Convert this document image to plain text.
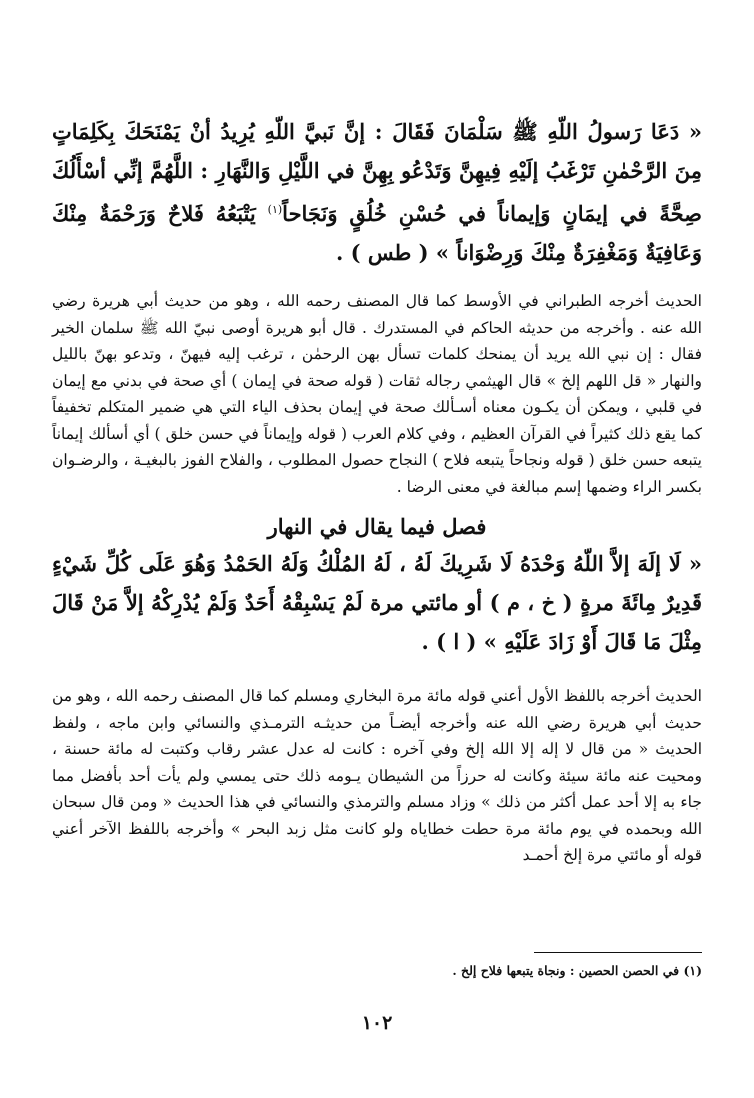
« دَعَا رَسولُ اللّهِ ﷺ سَلْمَانَ فَقَالَ : إنَّ نَبيَّ اللّهِ يُرِيدُ أنْ يَمْنَحَكَ بِكَلِمَاتٍ مِنَ الرَّحْمٰنِ تَرْغَبُ إلَيْهِ فِيهِنَّ وَتَدْعُو بِهِنَّ في اللَّيْلِ وَالنَّهَارِ : اللَّهُمَّ إنِّي أسْأَلُكَ صِحَّةً في إيمَانٍ وَإيماناً في حُسْنِ خُلُقٍ وَنَجَاحاً$^{(١)}$ يَتْبَعُهُ فَلاحٌ وَرَحْمَةٌ مِنْكَ وَعَافِيَةٌ وَمَغْفِرَةٌ مِنْكَ وَرِضْوَاناً » ( طس ) .

الحديث أخرجه الطبراني في الأوسط كما قال المصنف رحمه الله ، وهو من حديث أبي هريرة رضي الله عنه . وأخرجه من حديثه الحاكم في المستدرك . قال أبو هريرة أوصى نبيّ الله ﷺ سلمان الخير فقال : إن نبي الله يريد أن يمنحك كلمات تسأل بهن الرحمٰن ، ترغب إليه فيهنّ ، وتدعو بهنّ بالليل والنهار « قل اللهم إلخ » قال الهيثمي رجاله ثقات ( قوله صحة في إيمان ) أي صحة في بدني مع إيمان في قلبي ، ويمكن أن يكـون معناه أسـألك صحة في إيمان بحذف الياء التي هي ضمير المتكلم تخفيفاً كما يقع ذلك كثيراً في القرآن العظيم ، وفي كلام العرب ( قوله وإيماناً في حسن خلق ) أي أسألك إيماناً يتبعه حسن خلق ( قوله ونجاحاً يتبعه فلاح ) النجاح حصول المطلوب ، والفلاح الفوز بالبغيـة ، والرضـوان بكسر الراء وضمها إسم مبالغة في معنى الرضا .

فصل فيما يقال في النهار

« لَا إلَهَ إلاَّ اللّهُ وَحْدَهُ لَا شَرِيكَ لَهُ ، لَهُ المُلْكُ وَلَهُ الحَمْدُ وَهُوَ عَلَى كُلِّ شَيْءٍ قَدِيرٌ مِائَةَ مرةٍ ( خ ، م ) أو مائتي مرة لَمْ يَسْبِقْهُ أَحَدٌ وَلَمْ يُدْرِكْهُ إلاَّ مَنْ قَالَ مِثْلَ مَا قَالَ أَوْ زَادَ عَلَيْهِ » ( ا ) .

الحديث أخرجه باللفظ الأول أعني قوله مائة مرة البخاري ومسلم كما قال المصنف رحمه الله ، وهو من حديث أبي هريرة رضي الله عنه وأخرجه أيضـاً من حديثـه الترمـذي والنسائي وابن ماجه ، ولفظ الحديث « من قال لا إله إلا الله إلخ وفي آخره : كانت له عدل عشر رقاب وكتبت له مائة حسنة ، ومحيت عنه مائة سيئة وكانت له حرزاً من الشيطان يـومه ذلك حتى يمسي ولم يأت أحد بأفضل مما جاء به إلا أحد عمل أكثر من ذلك » وزاد مسلم والترمذي والنسائي في هذا الحديث « ومن قال سبحان الله وبحمده في يوم مائة مرة حطت خطاياه ولو كانت مثل زبد البحر » وأخرجه باللفظ الآخر أعني قوله أو مائتي مرة إلخ أحمـد

(١) في الحصن الحصين : ونجاة يتبعها فلاح إلخ .
١٠٢
